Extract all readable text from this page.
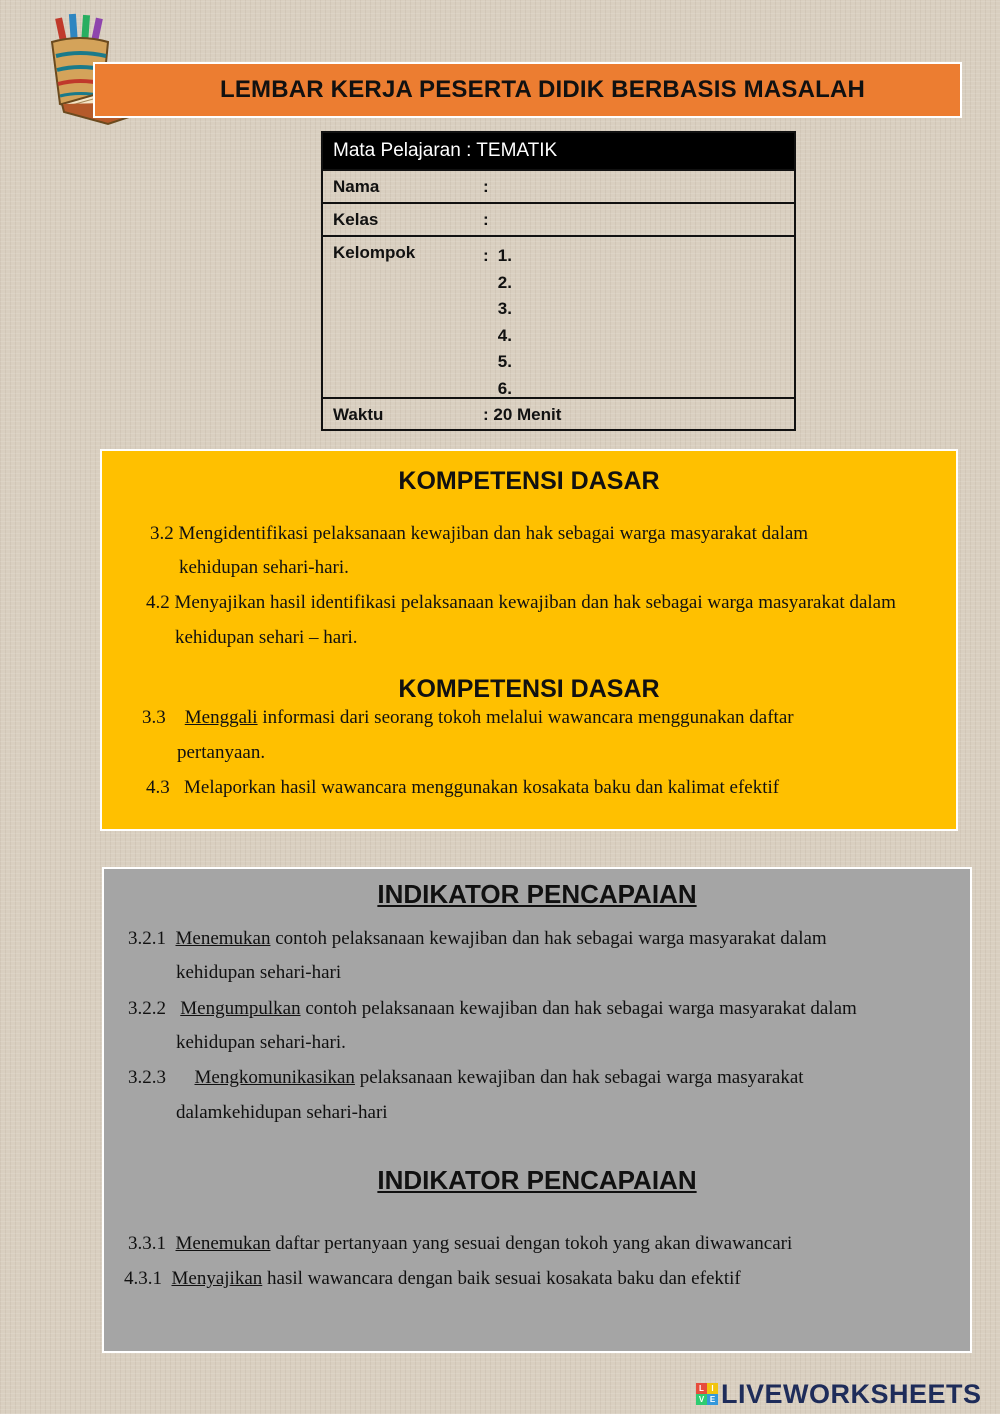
LEMBAR KERJA PESERTA DIDIK BERBASIS MASALAH
Mata Pelajaran : TEMATIK
Nama	:
Kelas	:
Kelompok	: 1.
2.
3.
4.
5.
6.
Waktu	: 20 Menit
KOMPETENSI DASAR
3.2 Mengidentifikasi pelaksanaan kewajiban dan hak sebagai warga masyarakat dalam
kehidupan sehari-hari.
4.2 Menyajikan hasil identifikasi pelaksanaan kewajiban dan hak sebagai warga masyarakat dalam
kehidupan sehari – hari.
KOMPETENSI DASAR
3.3 Menggali informasi dari seorang tokoh melalui wawancara menggunakan daftar
pertanyaan.
4.3 Melaporkan hasil wawancara menggunakan kosakata baku dan kalimat efektif
INDIKATOR PENCAPAIAN
3.2.1 Menemukan contoh pelaksanaan kewajiban dan hak sebagai warga masyarakat dalam
kehidupan sehari-hari
3.2.2 Mengumpulkan contoh pelaksanaan kewajiban dan hak sebagai warga masyarakat dalam
kehidupan sehari-hari.
3.2.3 Mengkomunikasikan pelaksanaan kewajiban dan hak sebagai warga masyarakat
dalamkehidupan sehari-hari
INDIKATOR PENCAPAIAN
3.3.1 Menemukan daftar pertanyaan yang sesuai dengan tokoh yang akan diwawancari
4.3.1 Menyajikan hasil wawancara dengan baik sesuai kosakata baku dan efektif
L I
V E LIVEWORKSHEETS
